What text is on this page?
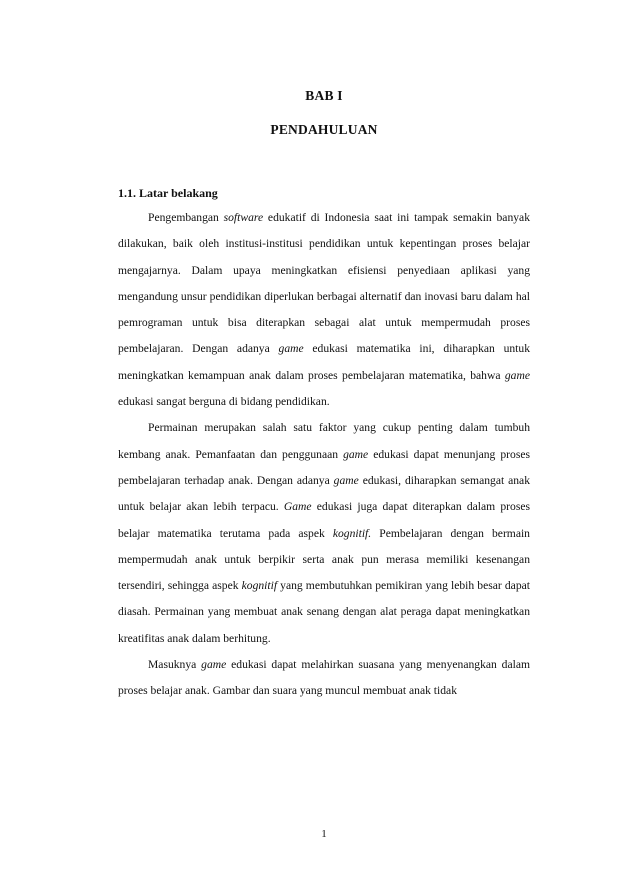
BAB I
PENDAHULUAN
1.1. Latar belakang

Pengembangan software edukatif di Indonesia saat ini tampak semakin banyak dilakukan, baik oleh institusi-institusi pendidikan untuk kepentingan proses belajar mengajarnya. Dalam upaya meningkatkan efisiensi penyediaan aplikasi yang mengandung unsur pendidikan diperlukan berbagai alternatif dan inovasi baru dalam hal pemrograman untuk bisa diterapkan sebagai alat untuk mempermudah proses pembelajaran. Dengan adanya game edukasi matematika ini, diharapkan untuk meningkatkan kemampuan anak dalam proses pembelajaran matematika, bahwa game edukasi sangat berguna di bidang pendidikan.

Permainan merupakan salah satu faktor yang cukup penting dalam tumbuh kembang anak. Pemanfaatan dan penggunaan game edukasi dapat menunjang proses pembelajaran terhadap anak. Dengan adanya game edukasi, diharapkan semangat anak untuk belajar akan lebih terpacu. Game edukasi juga dapat diterapkan dalam proses belajar matematika terutama pada aspek kognitif. Pembelajaran dengan bermain mempermudah anak untuk berpikir serta anak pun merasa memiliki kesenangan tersendiri, sehingga aspek kognitif yang membutuhkan pemikiran yang lebih besar dapat diasah. Permainan yang membuat anak senang dengan alat peraga dapat meningkatkan kreatifitas anak dalam berhitung.

Masuknya game edukasi dapat melahirkan suasana yang menyenangkan dalam proses belajar anak. Gambar dan suara yang muncul membuat anak tidak

1
